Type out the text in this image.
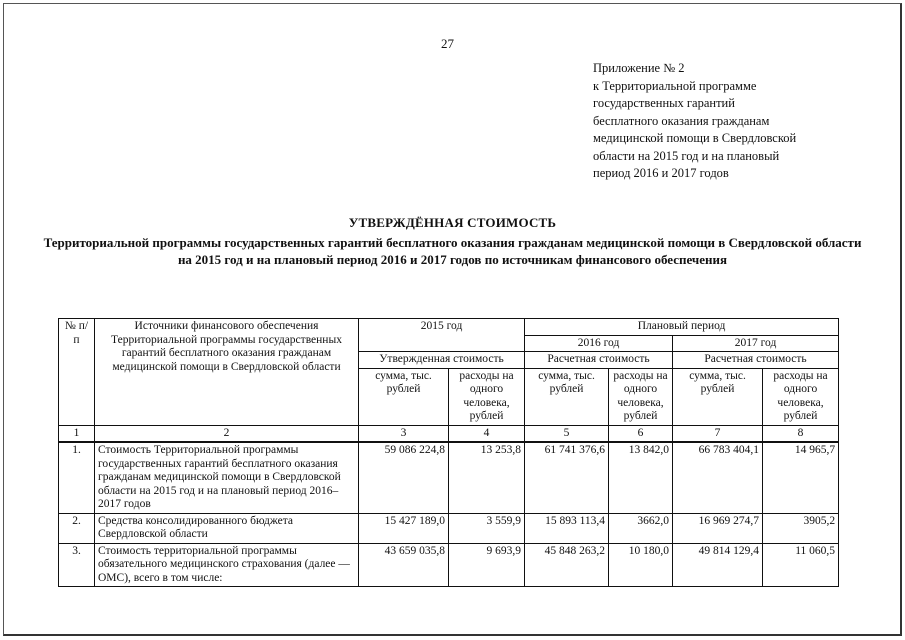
27
Приложение № 2
к Территориальной программе
государственных гарантий
бесплатного оказания гражданам
медицинской помощи в Свердловской
области на 2015 год и на плановый
период 2016 и 2017 годов
УТВЕРЖДЁННАЯ СТОИМОСТЬ
Территориальной программы государственных гарантий бесплатного оказания гражданам медицинской помощи в Свердловской области на 2015 год и на плановый период 2016 и 2017 годов по источникам финансового обеспечения
№ п/п	Источники финансового обеспечения Территориальной программы государственных гарантий бесплатного оказания гражданам медицинской помощи в Свердловской области	2015 год		Плановый период			
				2016 год		2017 год	
		Утвержденная стоимость		Расчетная стоимость		Расчетная стоимость	
		сумма, тыс. рублей	расходы на одного человека, рублей	сумма, тыс. рублей	расходы на одного человека, рублей	сумма, тыс. рублей	расходы на одного человека, рублей
1	2	3	4	5	6	7	8
1.	Стоимость Территориальной программы государственных гарантий бесплатного оказания гражданам медицинской помощи в Свердловской области на 2015 год и на плановый период 2016–2017 годов	59 086 224,8	13 253,8	61 741 376,6	13 842,0	66 783 404,1	14 965,7
2.	Средства консолидированного бюджета Свердловской области	15 427 189,0	3 559,9	15 893 113,4	3662,0	16 969 274,7	3905,2
3.	Стоимость территориальной программы обязательного медицинского страхования (далее — ОМС), всего в том числе:	43 659 035,8	9 693,9	45 848 263,2	10 180,0	49 814 129,4	11 060,5
